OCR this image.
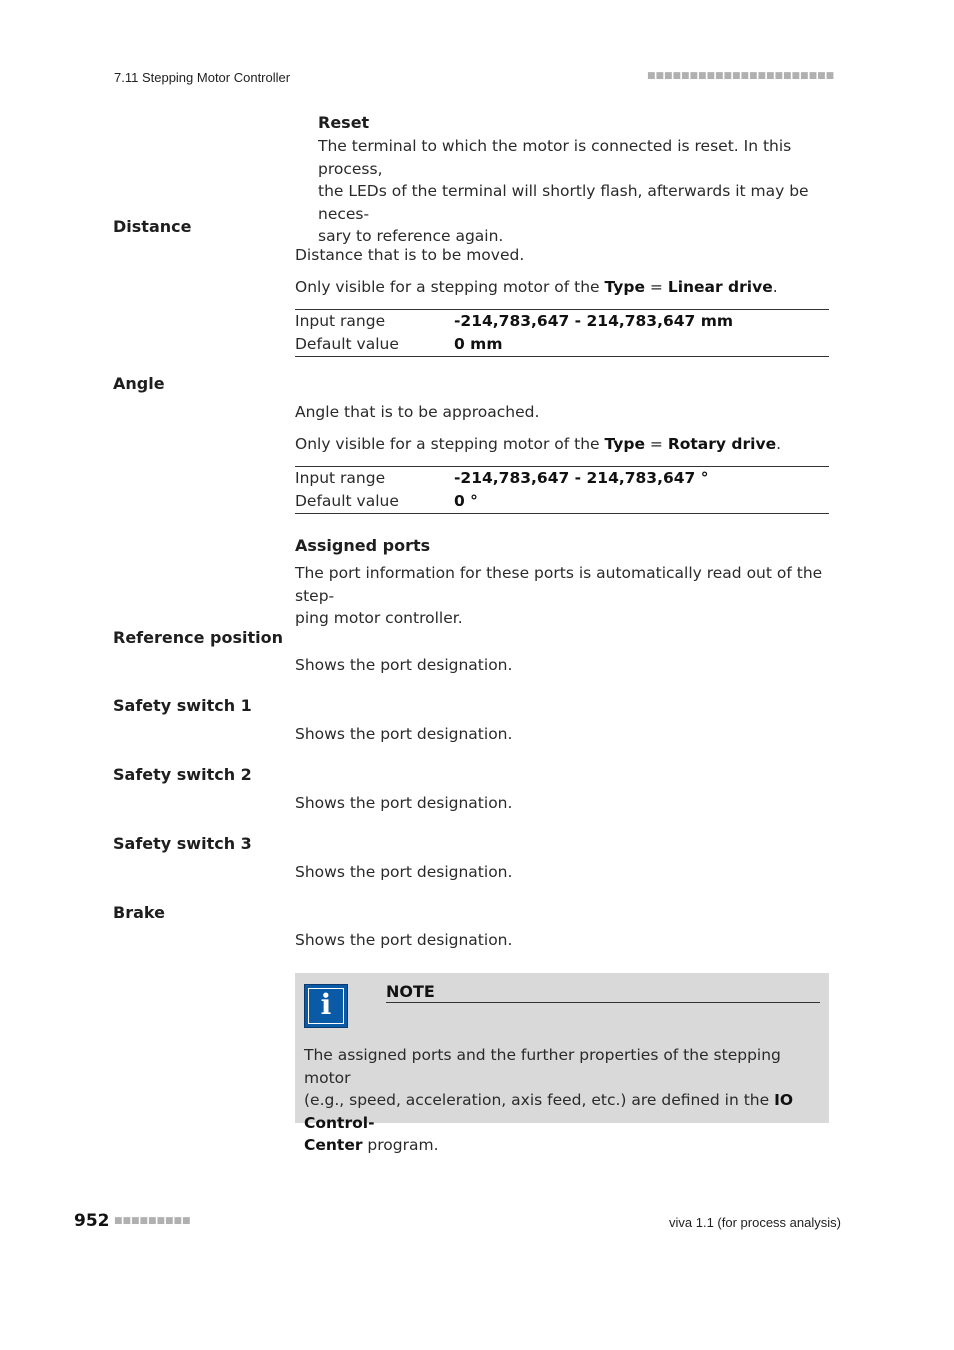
7.11 Stepping Motor Controller	■■■■■■■■■■■■■■■■■■■■■■
Reset
The terminal to which the motor is connected is reset. In this process,
the LEDs of the terminal will shortly flash, afterwards it may be neces-
sary to reference again.
Distance
Distance that is to be moved.
Only visible for a stepping motor of the Type = Linear drive.
Input range	-214,783,647 - 214,783,647 mm
Default value	0 mm
Angle
Angle that is to be approached.
Only visible for a stepping motor of the Type = Rotary drive.
Input range	-214,783,647 - 214,783,647 °
Default value	0 °
Assigned ports
The port information for these ports is automatically read out of the step-
ping motor controller.
Reference position
Shows the port designation.
Safety switch 1
Shows the port designation.
Safety switch 2
Shows the port designation.
Safety switch 3
Shows the port designation.
Brake
Shows the port designation.
i	NOTE
The assigned ports and the further properties of the stepping motor
(e.g., speed, acceleration, axis feed, etc.) are defined in the IO Control-
Center program.
952 ■■■■■■■■■	viva 1.1 (for process analysis)
